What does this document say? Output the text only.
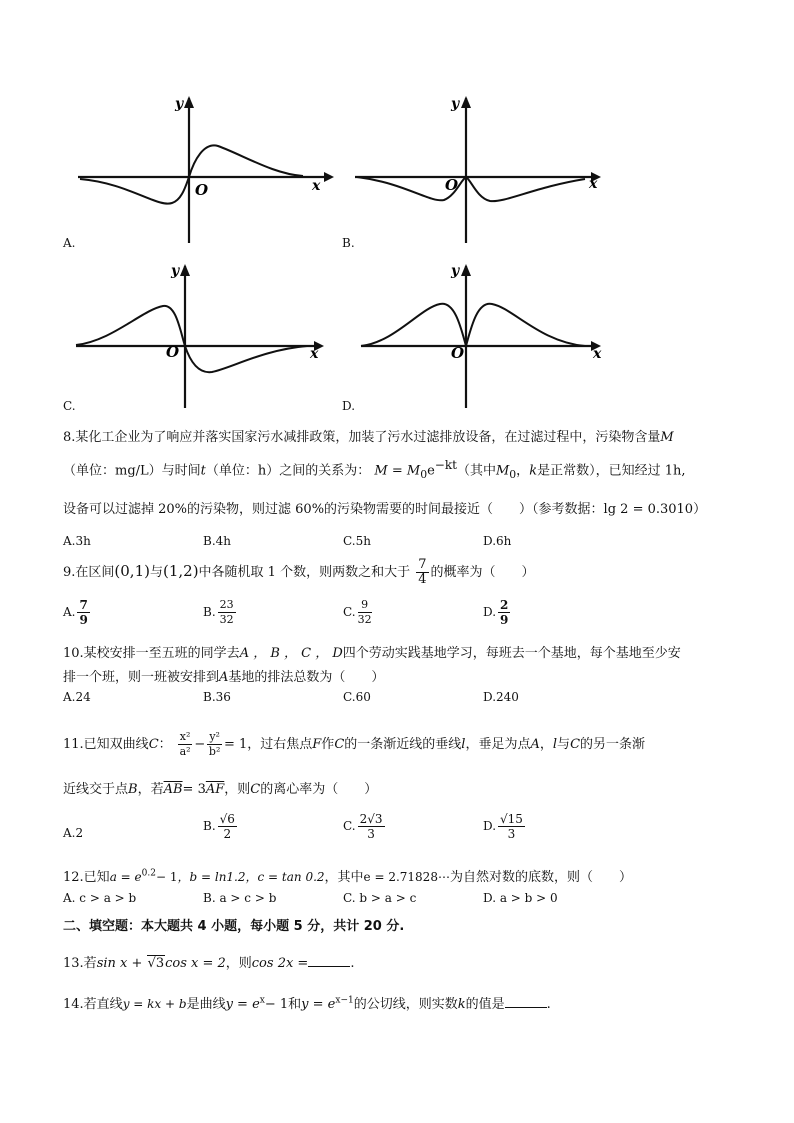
y
x
O
A.
y
x
O
B.
y
x
O
C.
y
x
O
D.
8.某化工企业为了响应并落实国家污水减排政策，加装了污水过滤排放设备，在过滤过程中，污染物含量M
（单位：mg/L）与时间t（单位：h）之间的关系为： $M = M_0e^{-kt}$（其中$M_0$，k是正常数），已知经过 1h,
设备可以过滤掉 20%的污染物，则过滤 60%的污染物需要的时间最接近（　　）（参考数据：lg 2 = 0.3010）
A.3h	B.4h	C.5h	D.6h
9.在区间(0,1)与(1,2)中各随机取 1 个数，则两数之和大于 $\frac{7}{4}$ 的概率为（　　）
A. $\frac{7}{9}$	B. $\frac{23}{32}$	C. $\frac{9}{32}$	D. $\frac{2}{9}$
10.某校安排一至五班的同学去A ， B ， C ， D四个劳动实践基地学习，每班去一个基地，每个基地至少安
排一个班，则一班被安排到A基地的排法总数为（　　）
A.24	B.36	C.60	D.240
11.已知双曲线C： $\frac{\text{x²}}{\text{a²}} - \frac{\text{y²}}{\text{b²}} = 1$，过右焦点F作C的一条渐近线的垂线l，垂足为点A，l与C的另一条渐
近线交于点B，若$\overline{AB}= 3\overline{AF}$，则C的离心率为（　　）
A.2	B. $\frac{√6}{2}$	C. $\frac{2√3}{3}$	D. $\frac{√15}{3}$
12.已知$a = e^{0.2}- 1$，b = ln1.2，c = tan 0.2，其中e = 2.71828⋯为自然对数的底数，则（　　）
A. c > a > b	B. a > c > b	C. b > a > c	D. a > b > 0
二、填空题：本大题共 4 小题，每小题 5 分，共计 20 分.
13.若sin x + √3cos x = 2，则cos 2x =	.
14.若直线y = kx + b是曲线$y = e^x- 1$和$y = e^{x-1}$的公切线，则实数k的值是	.
